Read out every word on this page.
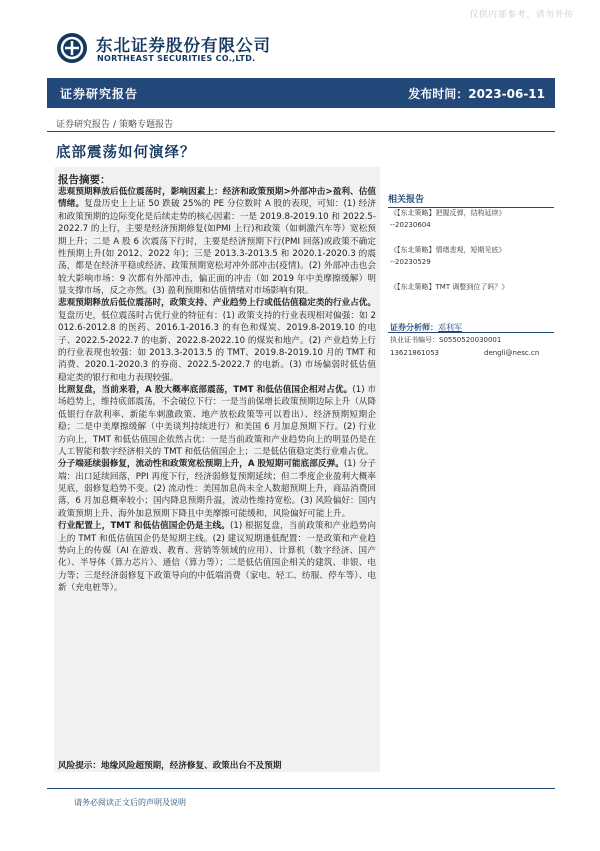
仅供内部参考，请勿外传
东北证券股份有限公司
NORTHEAST SECURITIES CO.,LTD.
证券研究报告	发布时间：2023-06-11
证券研究报告 / 策略专题报告
底部震荡如何演绎？
报告摘要：

悲观预期释放后低位震荡时，影响因素上：经济和政策预期>外部冲击>盈利、估值情绪。复盘历史上上证 50 跌破 25%的 PE 分位数时 A 股的表现，可知：(1) 经济和政策预期的边际变化是后续走势的核心因素：一是 2019.8-2019.10 和 2022.5-2022.7 的上行，主要是经济预期修复(如PMI 上行)和政策（如刺激汽车等）宽松预期上升；二是 A 股 6 次震荡下行时，主要是经济预期下行(PMI 回落)或政策不确定性预期上升(如 2012、2022 年)；三是 2013.3-2013.5 和 2020.1-2020.3 的震荡，都是在经济平稳或经济、政策预期宽松对冲外部冲击(疫情)。(2) 外部冲击也会较大影响市场：9 次都有外部冲击，偏正面的冲击（如 2019 年中美摩擦缓解）明显支撑市场，反之亦然。(3) 盈利预期和估值情绪对市场影响有限。

悲观预期释放后低位震荡时，政策支持、产业趋势上行或低估值稳定类的行业占优。复盘历史，低位震荡时占优行业的特征有：(1) 政策支持的行业表现相对偏强：如 2012.6-2012.8 的医药、2016.1-2016.3 的有色和煤炭、2019.8-2019.10 的电子、2022.5-2022.7 的电新、2022.8-2022.10 的煤炭和地产。(2) 产业趋势上行的行业表现也较强：如 2013.3-2013.5 的 TMT、2019.8-2019.10 月的 TMT 和消费、2020.1-2020.3 的券商、2022.5-2022.7 的电新。(3) 市场偏弱时低估值稳定类的银行和电力表现较强。

比照复盘，当前来看，A 股大概率底部震荡，TMT 和低估值国企相对占优。(1) 市场趋势上，维持底部震荡，不会破位下行：一是当前保增长政策预期边际上升（从降低银行存款利率、新能车刺激政策、地产放松政策等可以看出）、经济预期短期企稳；二是中美摩擦缓解（中美谈判持续进行）和美国 6 月加息预期下行。(2) 行业方向上，TMT 和低估值国企依然占优：一是当前政策和产业趋势向上的明显仍是在人工智能和数字经济相关的 TMT 和低估值国企上；二是低估值稳定类行业难占优。

分子端延续弱修复，流动性和政策宽松预期上升，A 股短期可能底部反弹。(1) 分子端：出口延续回落，PPI 再度下行，经济弱修复预期延续；但二季度企业盈利大概率见底，弱修复趋势不变。(2) 流动性：美国加息尚未全人数超预期上升，商品消费回落，6 月加息概率较小；国内降息预期升温，流动性维持宽松。(3) 风险偏好：国内政策预期上升、海外加息预期下降且中美摩擦可能缓和，风险偏好可能上升。

行业配置上，TMT 和低估值国企仍是主线。(1) 根据复盘，当前政策和产业趋势向上的 TMT 和低估值国企仍是短期主线。(2) 建议短期逢低配置：一是政策和产业趋势向上的传媒（AI 在游戏、教育、营销等领域的应用）、计算机（数字经济、国产化）、半导体（算力芯片）、通信（算力等）；二是低估值国企相关的建筑、非银、电力等；三是经济弱修复下政策导向的中低端消费（家电、轻工、纺服、停车等）、电新（充电桩等）。

风险提示：地缘风险超预期，经济修复、政策出台不及预期
相关报告
《【东北策略】把握反弹，结构延续》
--20230604
《【东北策略】情绪悲观，短期见底》
--20230529
《【东北策略】TMT 调整到位了吗？》
证券分析师：邓利军
执业证书编号：S0550520030001
13621861053	dengli@nesc.cn
请务必阅读正文后的声明及说明
